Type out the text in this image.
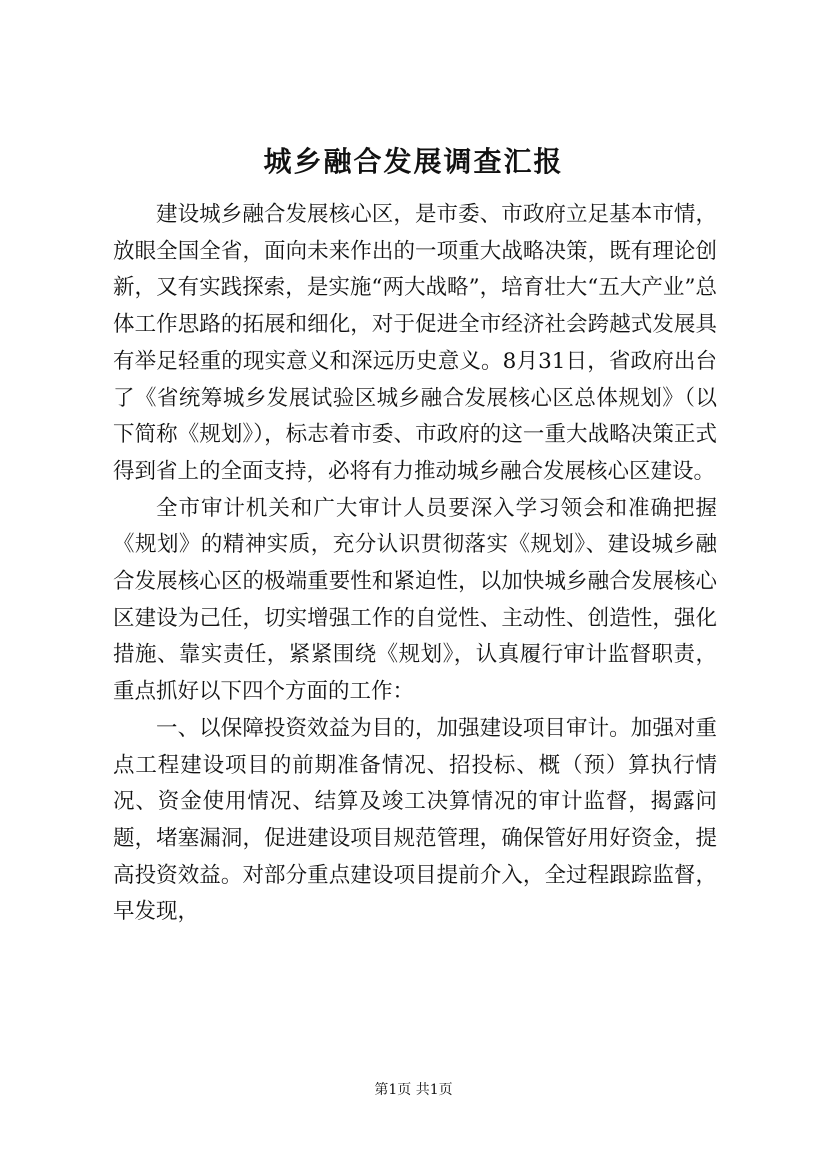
城乡融合发展调查汇报

建设城乡融合发展核心区，是市委、市政府立足基本市情，放眼全国全省，面向未来作出的一项重大战略决策，既有理论创新，又有实践探索，是实施“两大战略”，培育壮大“五大产业”总体工作思路的拓展和细化，对于促进全市经济社会跨越式发展具有举足轻重的现实意义和深远历史意义。8月31日，省政府出台了《省统筹城乡发展试验区城乡融合发展核心区总体规划》（以下简称《规划》），标志着市委、市政府的这一重大战略决策正式得到省上的全面支持，必将有力推动城乡融合发展核心区建设。

全市审计机关和广大审计人员要深入学习领会和准确把握《规划》的精神实质，充分认识贯彻落实《规划》、建设城乡融合发展核心区的极端重要性和紧迫性，以加快城乡融合发展核心区建设为己任，切实增强工作的自觉性、主动性、创造性，强化措施、靠实责任，紧紧围绕《规划》，认真履行审计监督职责，重点抓好以下四个方面的工作：

一、以保障投资效益为目的，加强建设项目审计。加强对重点工程建设项目的前期准备情况、招投标、概（预）算执行情况、资金使用情况、结算及竣工决算情况的审计监督，揭露问题，堵塞漏洞，促进建设项目规范管理，确保管好用好资金，提高投资效益。对部分重点建设项目提前介入，全过程跟踪监督，早发现，

第1页 共1页
